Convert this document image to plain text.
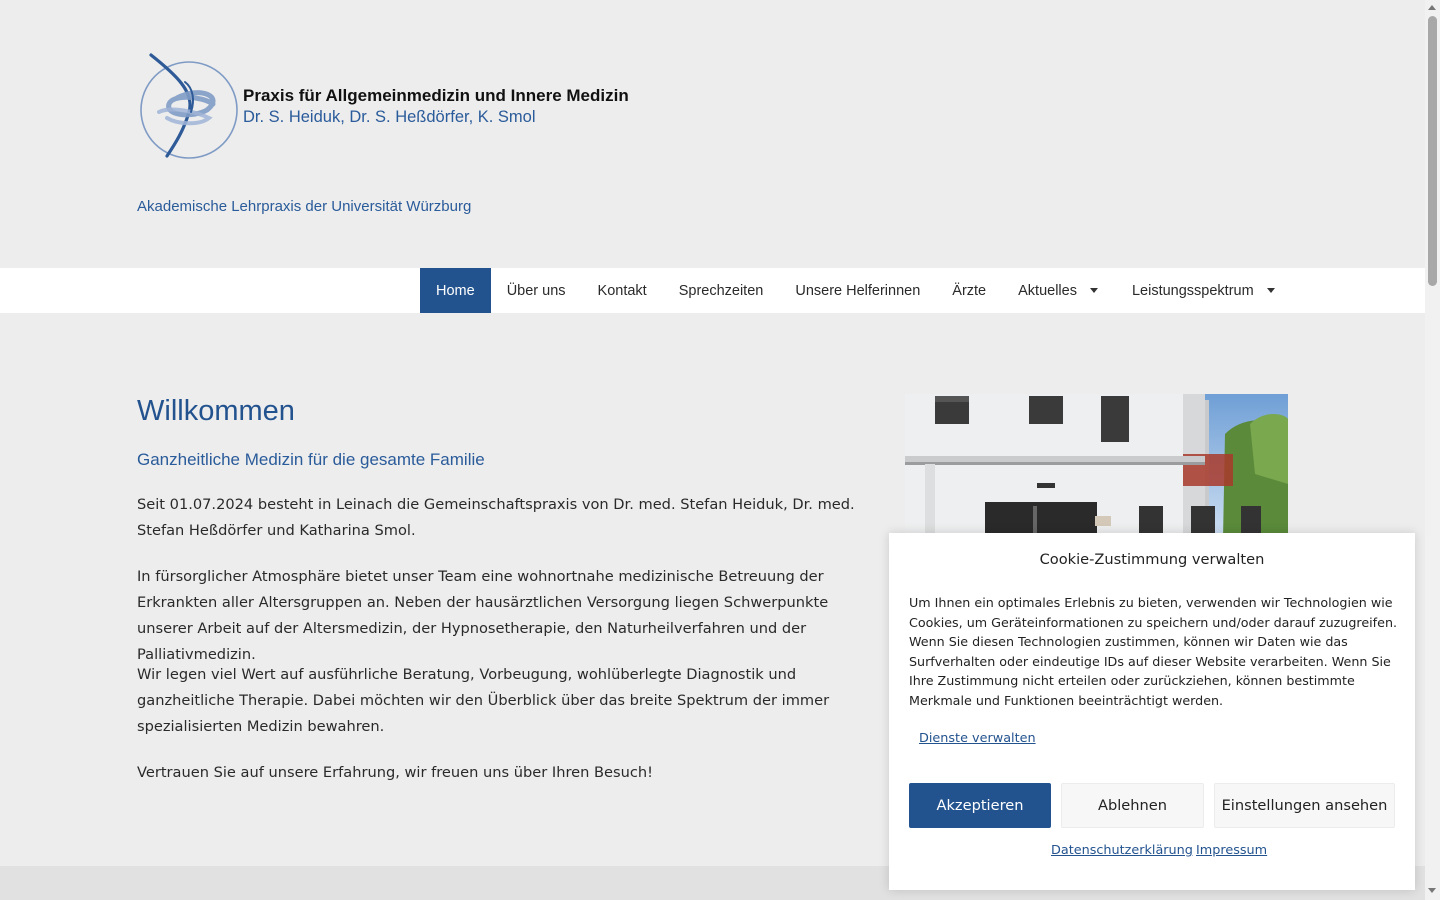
Praxis für Allgemeinmedizin und Innere Medizin
Dr. S. Heiduk, Dr. S. Heßdörfer, K. Smol
Akademische Lehrpraxis der Universität Würzburg
Home Über uns Kontakt Sprechzeiten Unsere Helferinnen Ärzte Aktuelles	Leistungsspektrum
Willkommen
Ganzheitliche Medizin für die gesamte Familie

Seit 01.07.2024 besteht in Leinach die Gemeinschaftspraxis von Dr. med. Stefan Heiduk, Dr. med. Stefan Heßdörfer und Katharina Smol.

In fürsorglicher Atmosphäre bietet unser Team eine wohnortnahe medizinische Betreuung der Erkrankten aller Altersgruppen an. Neben der hausärztlichen Versorgung liegen Schwerpunkte unserer Arbeit auf der Altersmedizin, der Hypnosetherapie, den Naturheilverfahren und der Palliativmedizin.

Wir legen viel Wert auf ausführliche Beratung, Vorbeugung, wohlüberlegte Diagnostik und ganzheitliche Therapie. Dabei möchten wir den Überblick über das breite Spektrum der immer spezialisierten Medizin bewahren.

Vertrauen Sie auf unsere Erfahrung, wir freuen uns über Ihren Besuch!

Cookie-Zustimmung verwalten
Um Ihnen ein optimales Erlebnis zu bieten, verwenden wir Technologien wie Cookies, um Geräteinformationen zu speichern und/oder darauf zuzugreifen. Wenn Sie diesen Technologien zustimmen, können wir Daten wie das Surfverhalten oder eindeutige IDs auf dieser Website verarbeiten. Wenn Sie Ihre Zustimmung nicht erteilen oder zurückziehen, können bestimmte Merkmale und Funktionen beeinträchtigt werden.
Dienste verwalten
Akzeptieren	Ablehnen	Einstellungen ansehen
Datenschutzerklärung Impressum
